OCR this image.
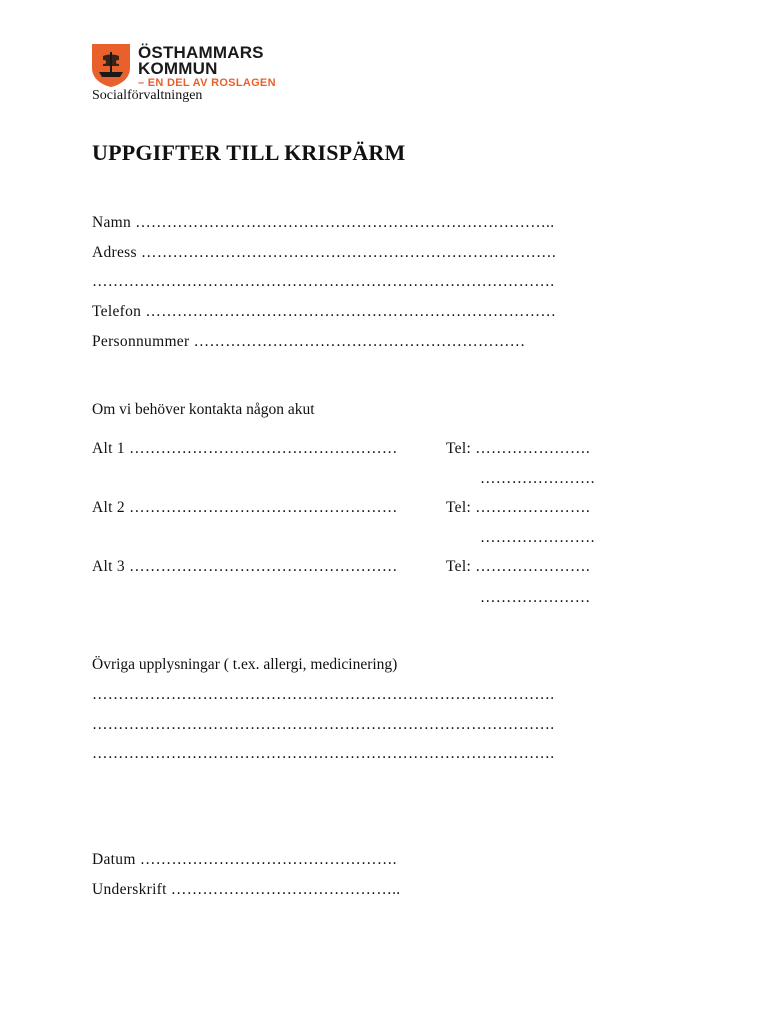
ÖSTHAMMARS
KOMMUN
– EN DEL AV ROSLAGEN
Socialförvaltningen
UPPGIFTER TILL KRISPÄRM
Namn ……………………………………………………………………..
Adress …………………………………………………………………….
…………………………………………………………………………….
Telefon ……………………………………………………………………
Personnummer ………………………………………………………
Om vi behöver kontakta någon akut
Alt 1 ……………………………………………	Tel: ………………….
………………….
Alt 2 ……………………………………………	Tel: ………………….
………………….
Alt 3 ……………………………………………	Tel: ………………….
…………………
Övriga upplysningar ( t.ex. allergi, medicinering)
…………………………………………………………………………….
…………………………………………………………………………….
…………………………………………………………………………….
Datum ………………………………………….
Underskrift ……………………………………..
